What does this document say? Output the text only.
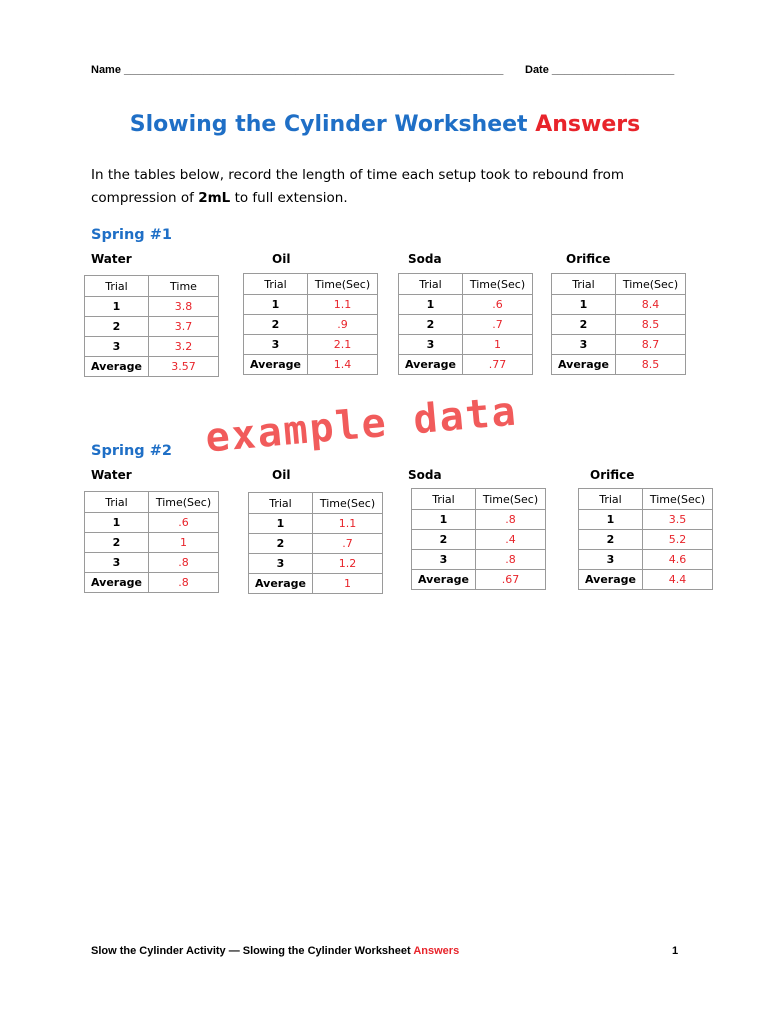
Name ______________________________________________________________ Date ____________________
Slowing the Cylinder Worksheet Answers
In the tables below, record the length of time each setup took to rebound from compression of 2mL to full extension.
Spring #1
Water	Oil	Soda	Orifice
Trial	Time
1	3.8
2	3.7
3	3.2
Average	3.57
Trial	Time(Sec)
1	1.1
2	.9
3	2.1
Average	1.4
Trial	Time(Sec)
1	.6
2	.7
3	1
Average	.77
Trial	Time(Sec)
1	8.4
2	8.5
3	8.7
Average	8.5
example data
Spring #2
Water	Oil	Soda	Orifice
Trial	Time(Sec)
1	.6
2	1
3	.8
Average	.8
Trial	Time(Sec)
1	1.1
2	.7
3	1.2
Average	1
Trial	Time(Sec)
1	.8
2	.4
3	.8
Average	.67
Trial	Time(Sec)
1	3.5
2	5.2
3	4.6
Average	4.4
Slow the Cylinder Activity — Slowing the Cylinder Worksheet Answers	1
